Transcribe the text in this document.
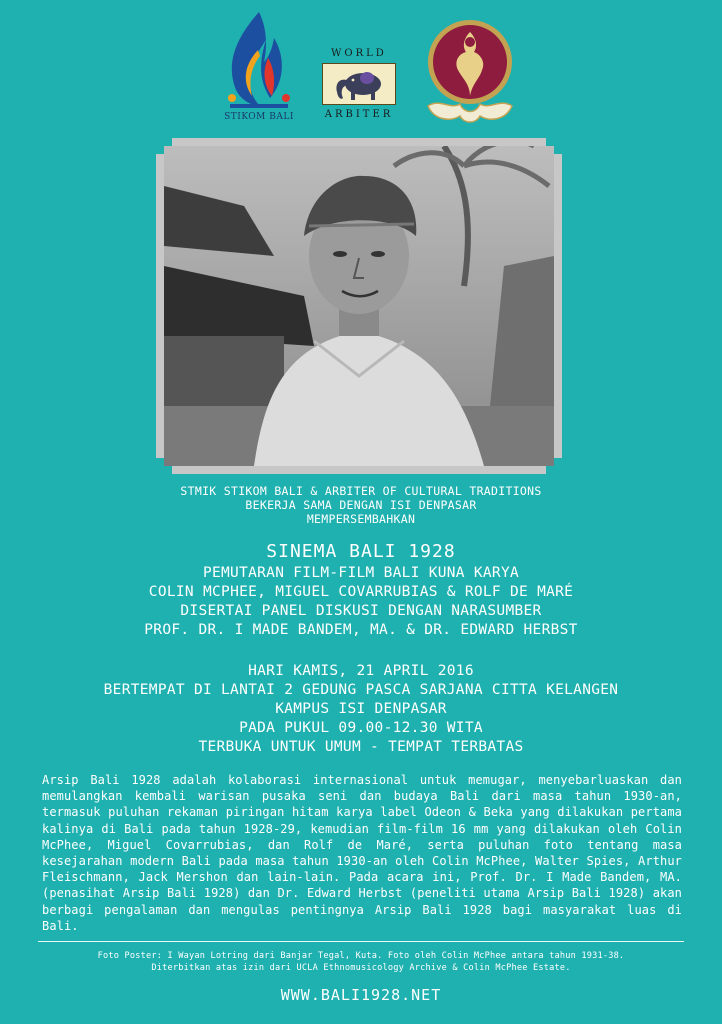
STIKOM BALI
WORLD
ARBITER
STMIK STIKOM BALI & ARBITER OF CULTURAL TRADITIONS
BEKERJA SAMA DENGAN ISI DENPASAR
MEMPERSEMBAHKAN
SINEMA BALI 1928
PEMUTARAN FILM-FILM BALI KUNA KARYA
COLIN MCPHEE, MIGUEL COVARRUBIAS & ROLF DE MARÉ
DISERTAI PANEL DISKUSI DENGAN NARASUMBER
PROF. DR. I MADE BANDEM, MA. & DR. EDWARD HERBST
HARI KAMIS, 21 APRIL 2016
BERTEMPAT DI LANTAI 2 GEDUNG PASCA SARJANA CITTA KELANGEN
KAMPUS ISI DENPASAR
PADA PUKUL 09.00-12.30 WITA
TERBUKA UNTUK UMUM - TEMPAT TERBATAS
Arsip Bali 1928 adalah kolaborasi internasional untuk memugar, menyebarluaskan dan memulangkan kembali warisan pusaka seni dan budaya Bali dari masa tahun 1930-an, termasuk puluhan rekaman piringan hitam karya label Odeon & Beka yang dilakukan pertama kalinya di Bali pada tahun 1928-29, kemudian film-film 16 mm yang dilakukan oleh Colin McPhee, Miguel Covarrubias, dan Rolf de Maré, serta puluhan foto tentang masa kesejarahan modern Bali pada masa tahun 1930-an oleh Colin McPhee, Walter Spies, Arthur Fleischmann, Jack Mershon dan lain-lain. Pada acara ini, Prof. Dr. I Made Bandem, MA. (penasihat Arsip Bali 1928) dan Dr. Edward Herbst (peneliti utama Arsip Bali 1928) akan berbagi pengalaman dan mengulas pentingnya Arsip Bali 1928 bagi masyarakat luas di Bali.
Foto Poster: I Wayan Lotring dari Banjar Tegal, Kuta. Foto oleh Colin McPhee antara tahun 1931-38.
Diterbitkan atas izin dari UCLA Ethnomusicology Archive & Colin McPhee Estate.
WWW.BALI1928.NET
